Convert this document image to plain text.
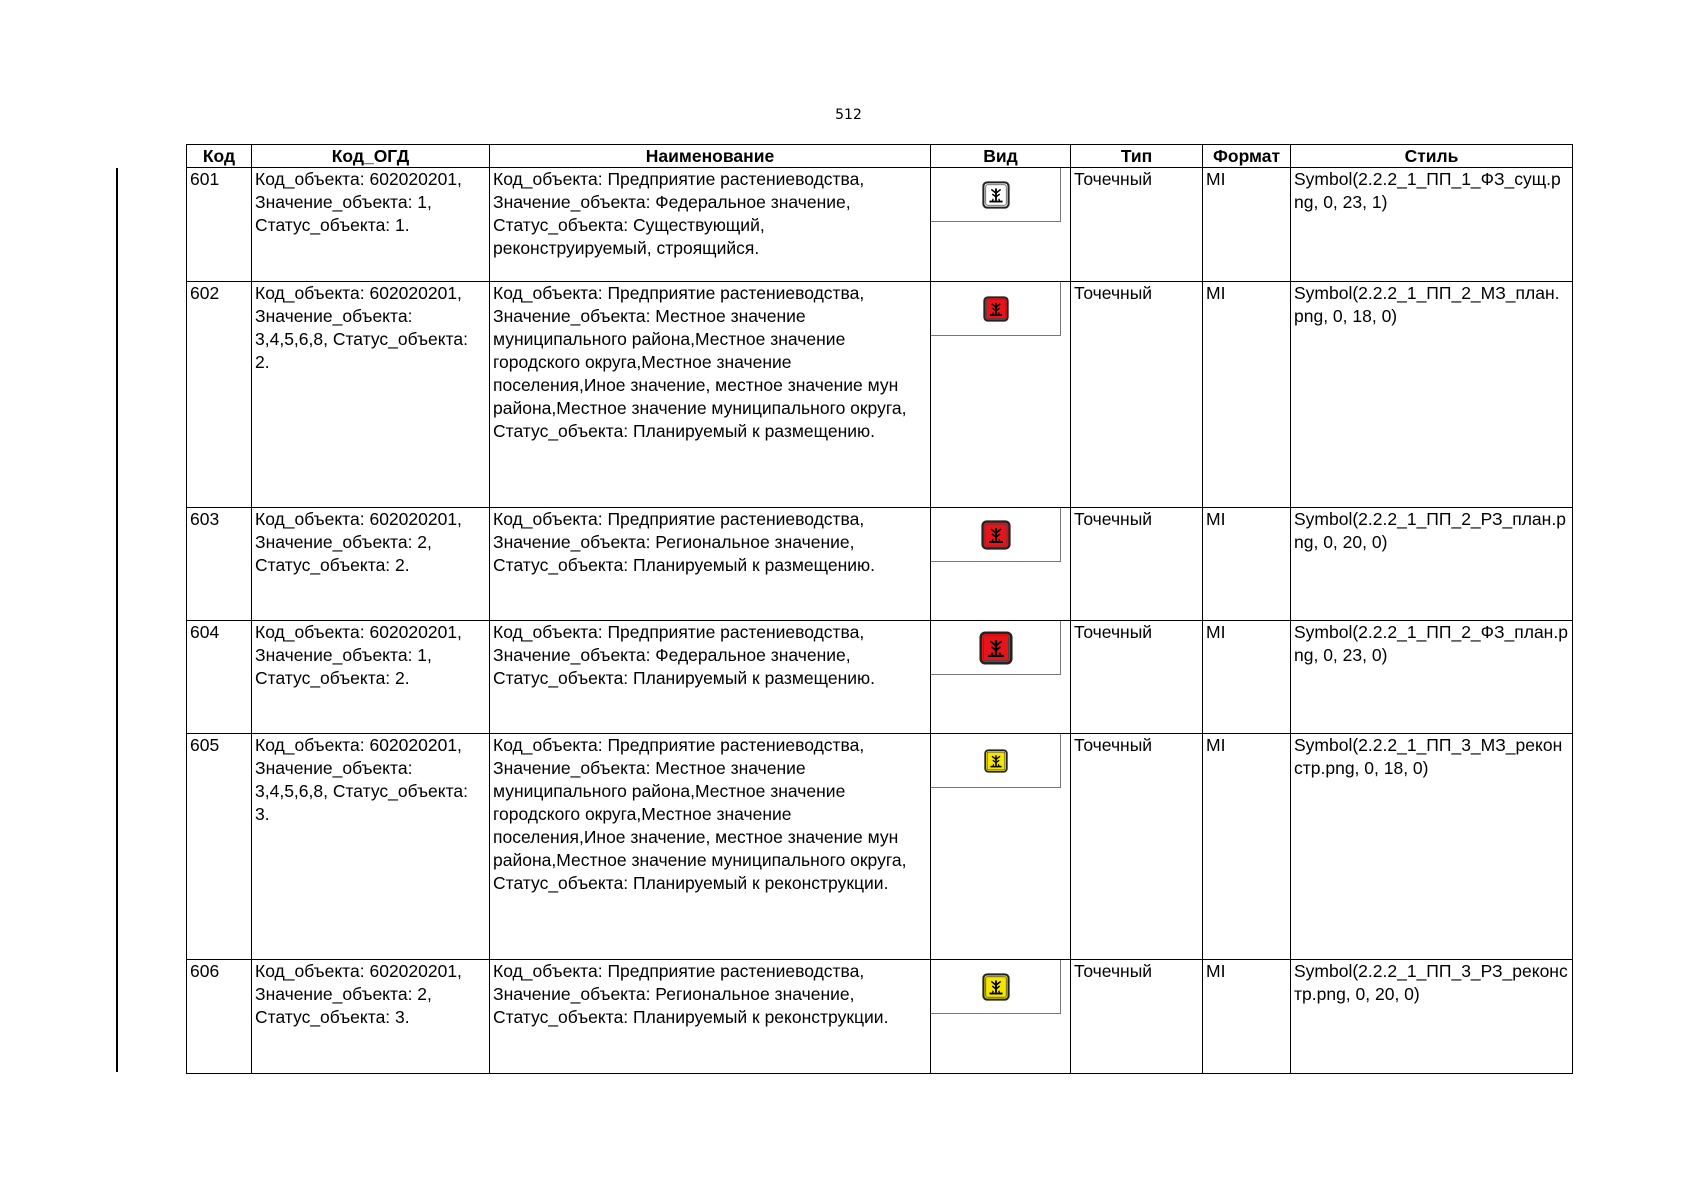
512
Код	Код_ОГД	Наименование	Вид	Тип	Формат	Стиль
601	Код_объекта: 602020201, Значение_объекта: 1, Статус_объекта: 1.	Код_объекта: Предприятие растениеводства, Значение_объекта: Федеральное значение, Статус_объекта: Существующий, реконструируемый, строящийся.		Точечный	MI	Symbol(2.2.2_1_ПП_1_ФЗ_сущ.png, 0, 23, 1)
602	Код_объекта: 602020201, Значение_объекта: 3,4,5,6,8, Статус_объекта: 2.	Код_объекта: Предприятие растениеводства, Значение_объекта: Местное значение муниципального района,Местное значение городского округа,Местное значение поселения,Иное значение, местное значение мун района,Местное значение муниципального округа, Статус_объекта: Планируемый к размещению.		Точечный	MI	Symbol(2.2.2_1_ПП_2_МЗ_план.png, 0, 18, 0)
603	Код_объекта: 602020201, Значение_объекта: 2, Статус_объекта: 2.	Код_объекта: Предприятие растениеводства, Значение_объекта: Региональное значение, Статус_объекта: Планируемый к размещению.		Точечный	MI	Symbol(2.2.2_1_ПП_2_РЗ_план.png, 0, 20, 0)
604	Код_объекта: 602020201, Значение_объекта: 1, Статус_объекта: 2.	Код_объекта: Предприятие растениеводства, Значение_объекта: Федеральное значение, Статус_объекта: Планируемый к размещению.		Точечный	MI	Symbol(2.2.2_1_ПП_2_ФЗ_план.png, 0, 23, 0)
605	Код_объекта: 602020201, Значение_объекта: 3,4,5,6,8, Статус_объекта: 3.	Код_объекта: Предприятие растениеводства, Значение_объекта: Местное значение муниципального района,Местное значение городского округа,Местное значение поселения,Иное значение, местное значение мун района,Местное значение муниципального округа, Статус_объекта: Планируемый к реконструкции.		Точечный	MI	Symbol(2.2.2_1_ПП_3_МЗ_реконстр.png, 0, 18, 0)
606	Код_объекта: 602020201, Значение_объекта: 2, Статус_объекта: 3.	Код_объекта: Предприятие растениеводства, Значение_объекта: Региональное значение, Статус_объекта: Планируемый к реконструкции.		Точечный	MI	Symbol(2.2.2_1_ПП_3_РЗ_реконстр.png, 0, 20, 0)
